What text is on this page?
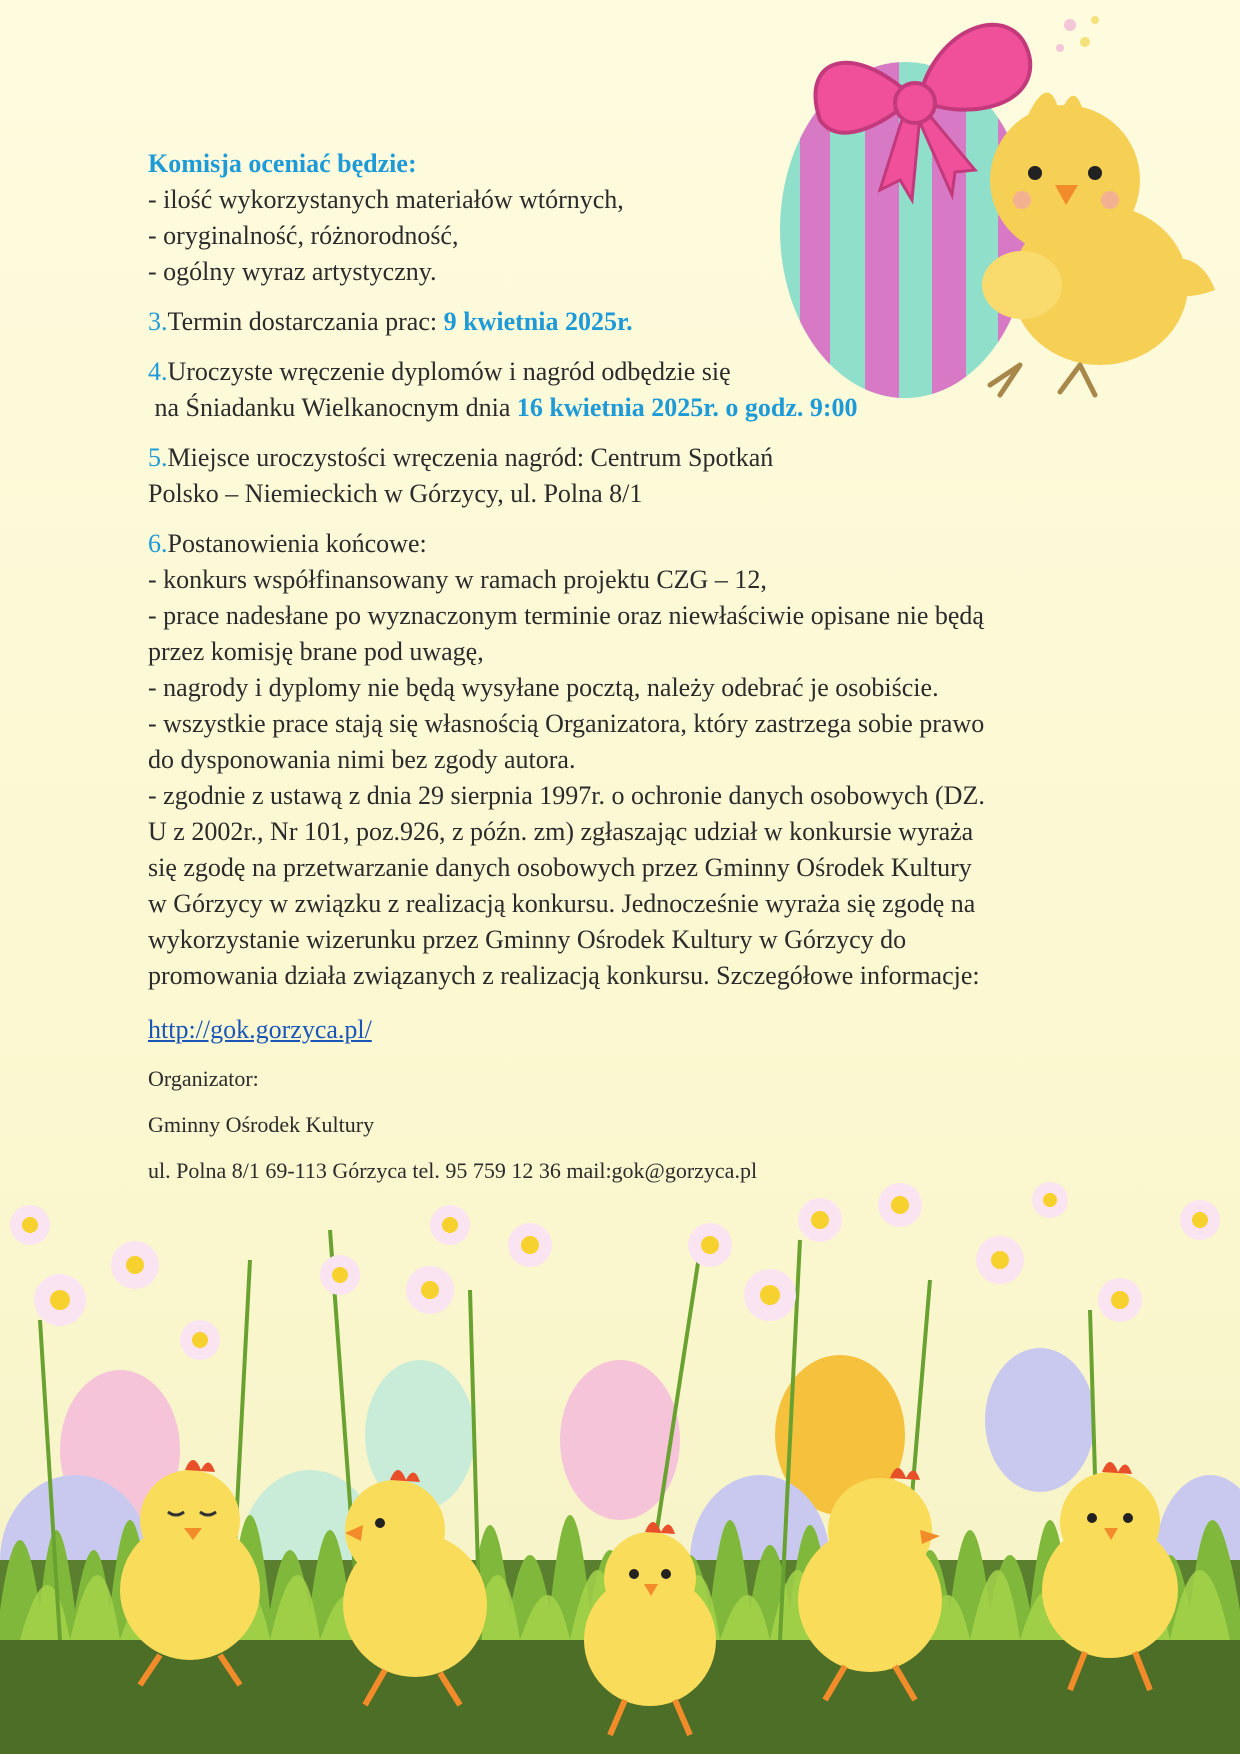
Komisja oceniać będzie:

- ilość wykorzystanych materiałów wtórnych,

- oryginalność, różnorodność,

- ogólny wyraz artystyczny.

3.Termin dostarczania prac: 9 kwietnia 2025r.

4.Uroczyste wręczenie dyplomów i nagród odbędzie się

na Śniadanku Wielkanocnym dnia 16 kwietnia 2025r. o godz. 9:00

5.Miejsce uroczystości wręczenia nagród: Centrum Spotkań

Polsko – Niemieckich w Górzycy, ul. Polna 8/1

6.Postanowienia końcowe:

- konkurs współfinansowany w ramach projektu CZG – 12,

- prace nadesłane po wyznaczonym terminie oraz niewłaściwie opisane nie będą

przez komisję brane pod uwagę,

- nagrody i dyplomy nie będą wysyłane pocztą, należy odebrać je osobiście.

- wszystkie prace stają się własnością Organizatora, który zastrzega sobie prawo

do dysponowania nimi bez zgody autora.

- zgodnie z ustawą z dnia 29 sierpnia 1997r. o ochronie danych osobowych (DZ.

U z 2002r., Nr 101, poz.926, z późn. zm) zgłaszając udział w konkursie wyraża

się zgodę na przetwarzanie danych osobowych przez Gminny Ośrodek Kultury

w Górzycy w związku z realizacją konkursu. Jednocześnie wyraża się zgodę na

wykorzystanie wizerunku przez Gminny Ośrodek Kultury w Górzycy do

promowania działa związanych z realizacją konkursu. Szczegółowe informacje:

http://gok.gorzyca.pl/

Organizator:

Gminny Ośrodek Kultury

ul. Polna 8/1 69-113 Górzyca tel. 95 759 12 36 mail:gok@gorzyca.pl
